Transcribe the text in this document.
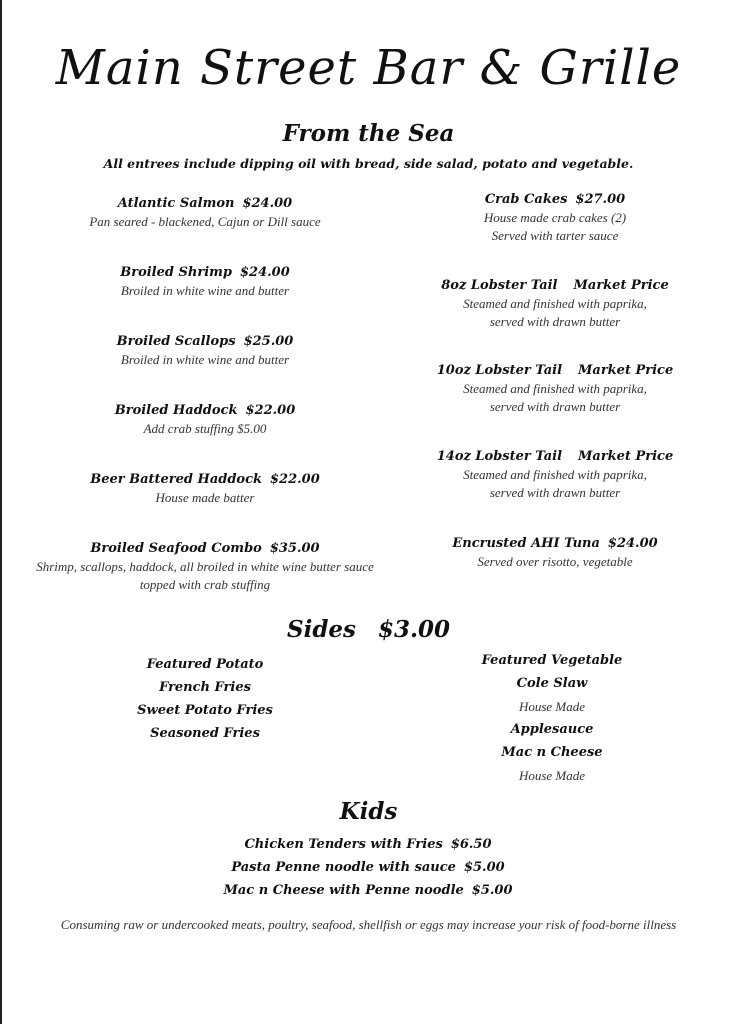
Main Street Bar & Grille
From the Sea
All entrees include dipping oil with bread, side salad, potato and vegetable.
Atlantic Salmon $24.00
Pan seared - blackened, Cajun or Dill sauce
Broiled Shrimp $24.00
Broiled in white wine and butter
Broiled Scallops $25.00
Broiled in white wine and butter
Broiled Haddock $22.00
Add crab stuffing $5.00
Beer Battered Haddock $22.00
House made batter
Broiled Seafood Combo $35.00
Shrimp, scallops, haddock, all broiled in white wine butter sauce
topped with crab stuffing
Crab Cakes $27.00
House made crab cakes (2)
Served with tarter sauce
8oz Lobster Tail Market Price
Steamed and finished with paprika,
served with drawn butter
10oz Lobster Tail Market Price
Steamed and finished with paprika,
served with drawn butter
14oz Lobster Tail Market Price
Steamed and finished with paprika,
served with drawn butter
Encrusted AHI Tuna $24.00
Served over risotto, vegetable
Sides $3.00
Featured Potato
French Fries
Sweet Potato Fries
Seasoned Fries
Featured Vegetable
Cole Slaw
House Made
Applesauce
Mac n Cheese
House Made
Kids
Chicken Tenders with Fries $6.50
Pasta Penne noodle with sauce $5.00
Mac n Cheese with Penne noodle $5.00
Consuming raw or undercooked meats, poultry, seafood, shellfish or eggs may increase your risk of food-borne illness
